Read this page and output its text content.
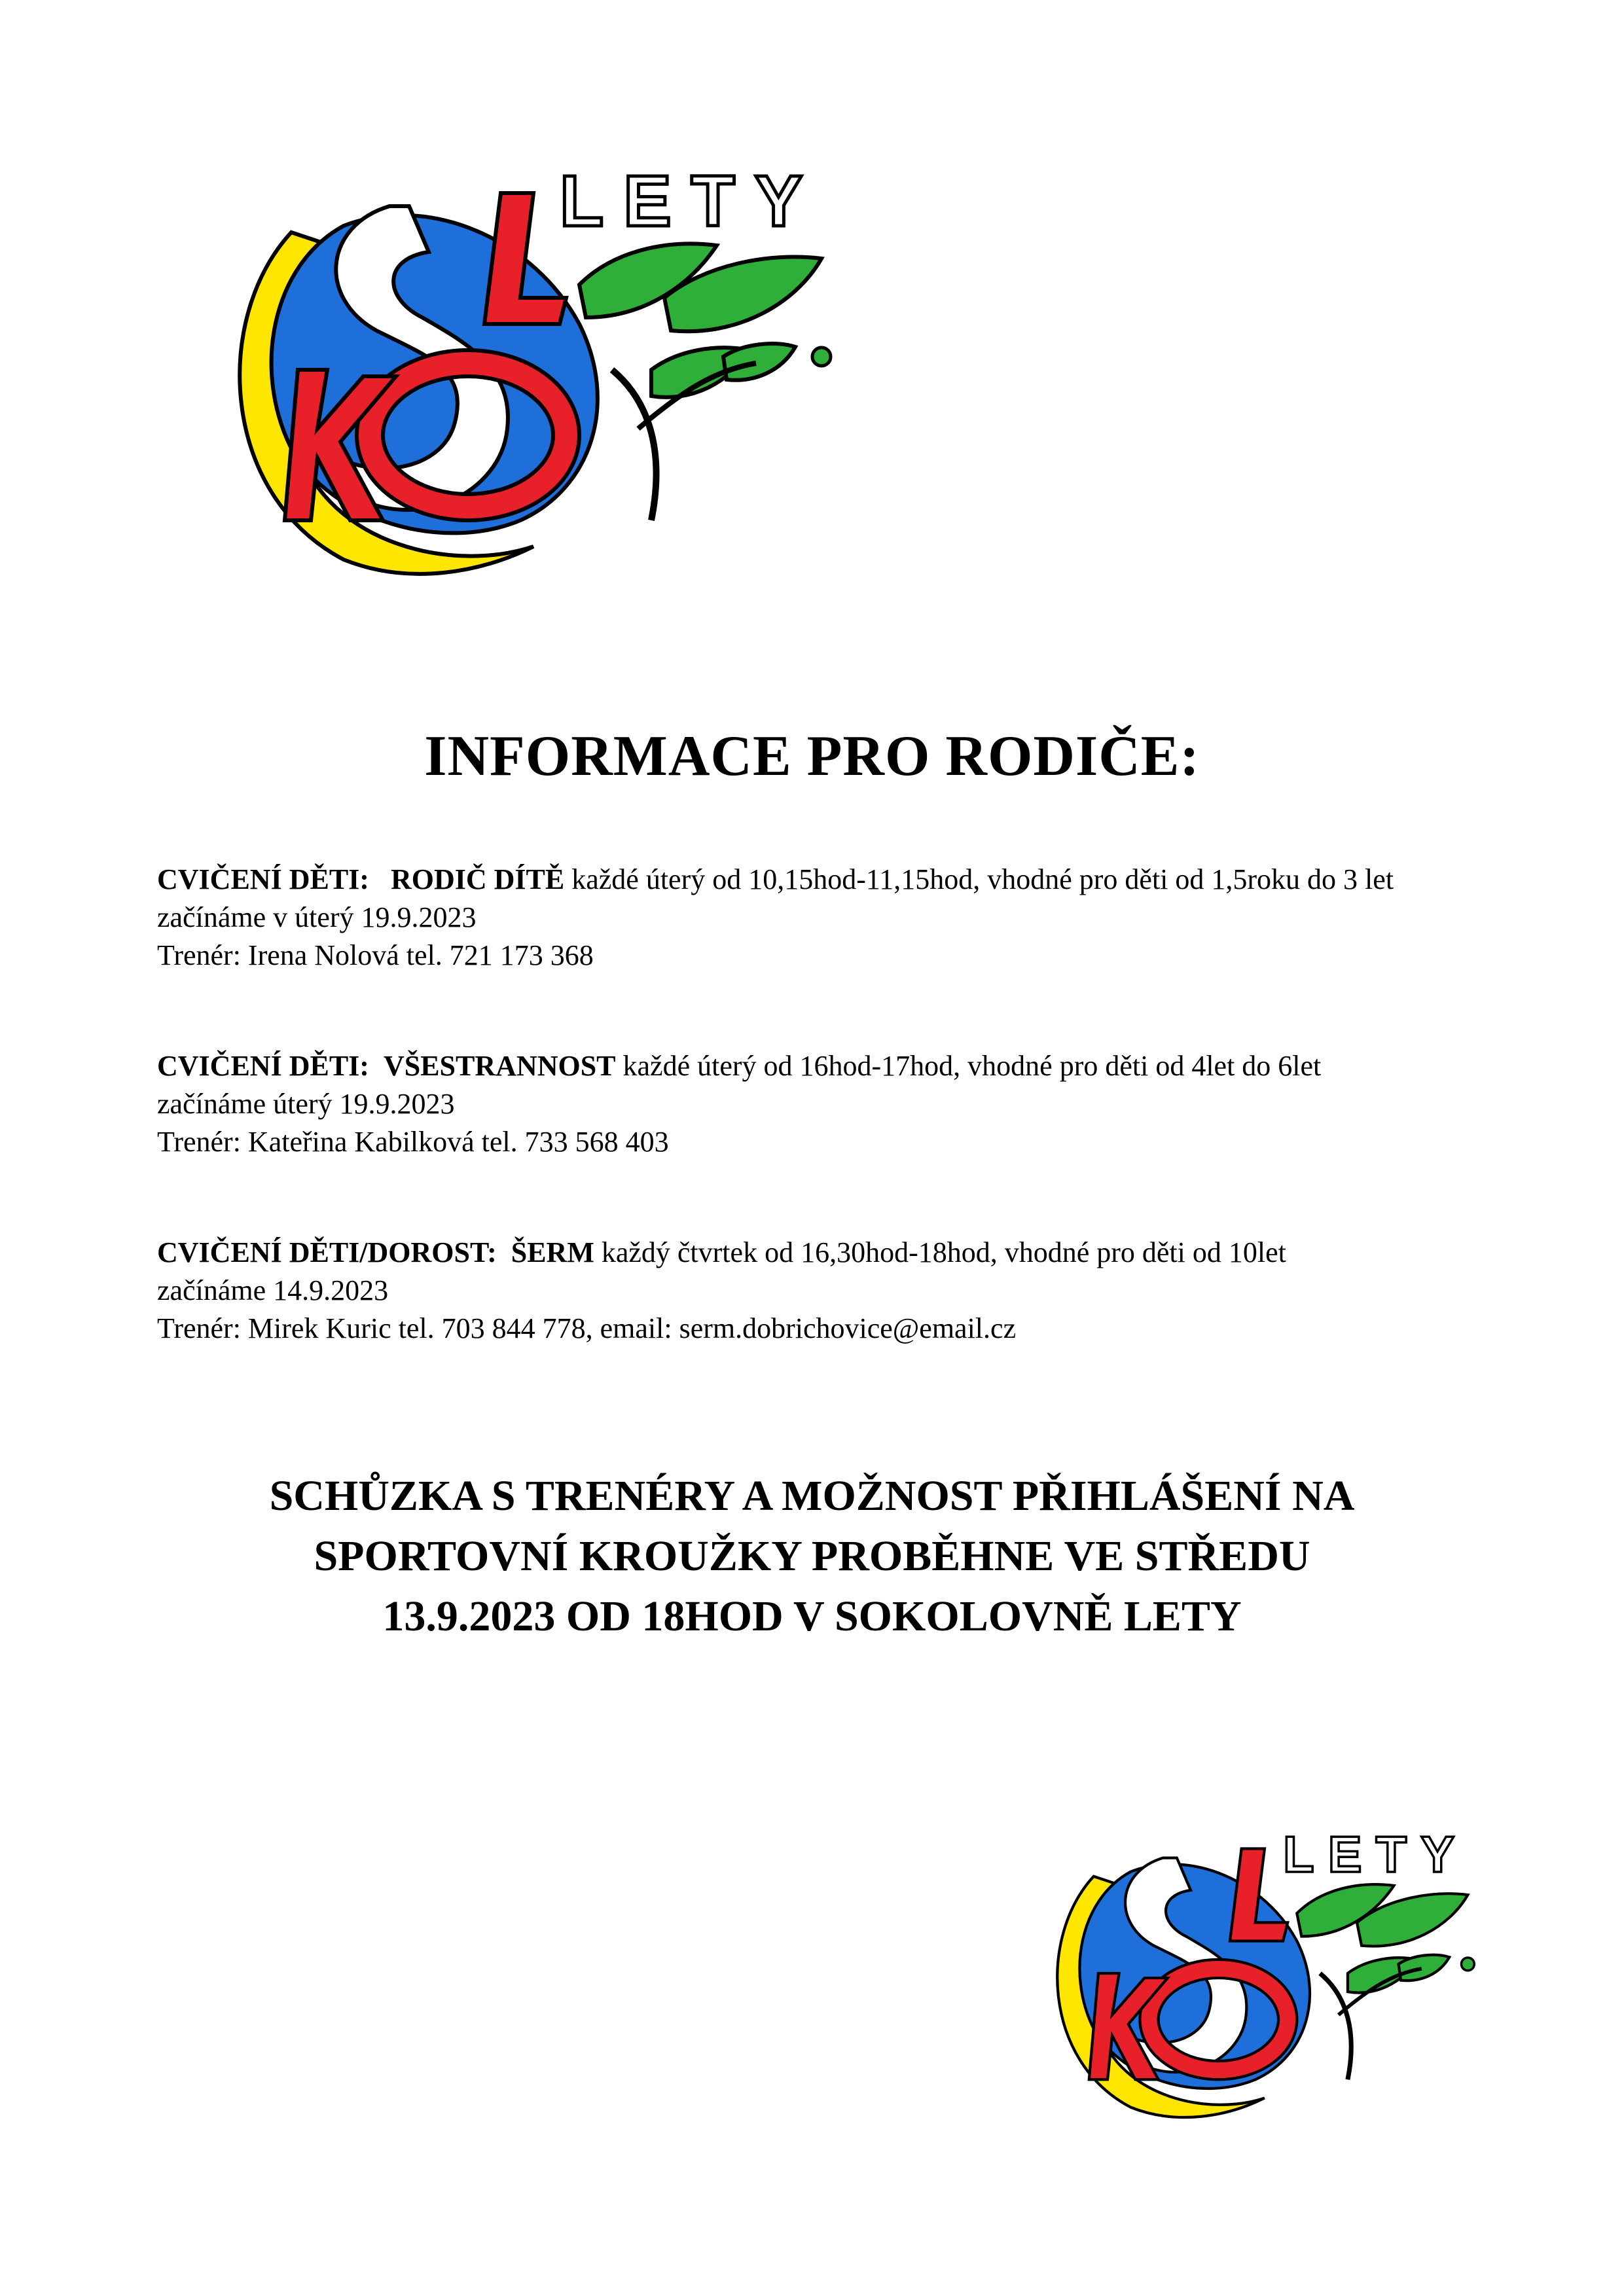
LETY
INFORMACE PRO RODIČE:
CVIČENÍ DĚTI: RODIČ DÍTĚ každé úterý od 10,15hod-11,15hod, vhodné pro děti od 1,5roku do 3 let
začínáme v úterý 19.9.2023
Trenér: Irena Nolová tel. 721 173 368
CVIČENÍ DĚTI: VŠESTRANNOST každé úterý od 16hod-17hod, vhodné pro děti od 4let do 6let
začínáme úterý 19.9.2023
Trenér: Kateřina Kabilková tel. 733 568 403
CVIČENÍ DĚTI/DOROST: ŠERM každý čtvrtek od 16,30hod-18hod, vhodné pro děti od 10let
začínáme 14.9.2023
Trenér: Mirek Kuric tel. 703 844 778, email: serm.dobrichovice@email.cz
SCHŮZKA S TRENÉRY A MOŽNOST PŘIHLÁŠENÍ NA
SPORTOVNÍ KROUŽKY PROBĚHNE VE STŘEDU
13.9.2023 OD 18HOD V SOKOLOVNĚ LETY
LETY
